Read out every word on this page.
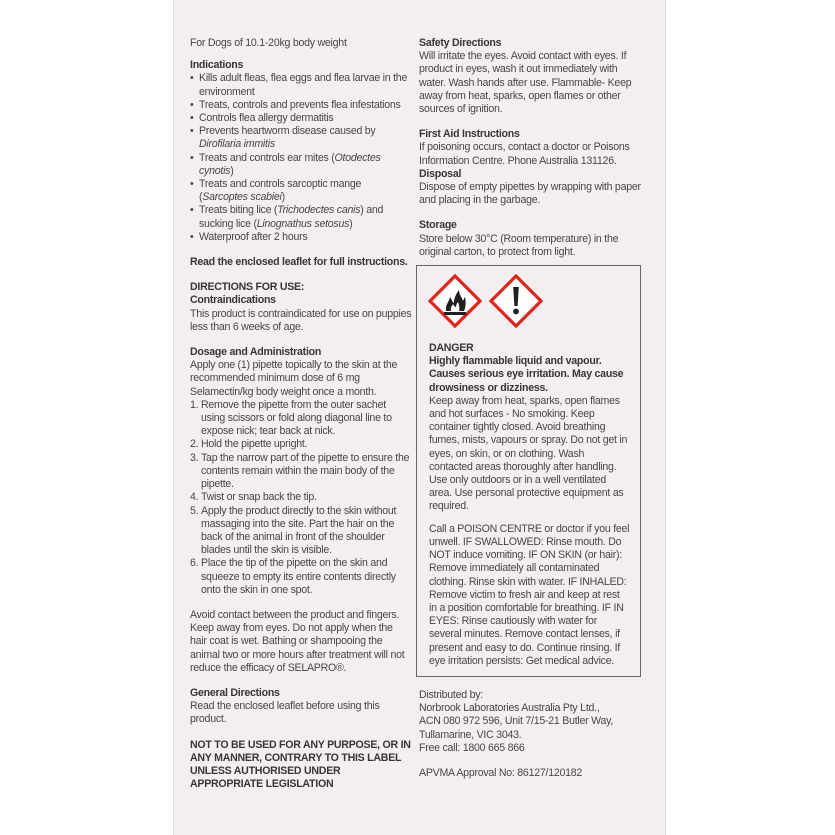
For Dogs of 10.1-20kg body weight

Indications

• Kills adult fleas, flea eggs and flea larvae in the environment
• Treats, controls and prevents flea infestations
• Controls flea allergy dermatitis
• Prevents heartworm disease caused by Dirofilaria immitis
• Treats and controls ear mites (Otodectes cynotis)
• Treats and controls sarcoptic mange (Sarcoptes scabiei)
• Treats biting lice (Trichodectes canis) and sucking lice (Linognathus setosus)
• Waterproof after 2 hours

Read the enclosed leaflet for full instructions.

DIRECTIONS FOR USE:

Contraindications

This product is contraindicated for use on puppies less than 6 weeks of age.

Dosage and Administration

Apply one (1) pipette topically to the skin at the recommended minimum dose of 6 mg Selamectin/kg body weight once a month.

1. Remove the pipette from the outer sachet using scissors or fold along diagonal line to expose nick; tear back at nick.
2. Hold the pipette upright.
3. Tap the narrow part of the pipette to ensure the contents remain within the main body of the pipette.
4. Twist or snap back the tip.
5. Apply the product directly to the skin without massaging into the site. Part the hair on the back of the animal in front of the shoulder blades until the skin is visible.
6. Place the tip of the pipette on the skin and squeeze to empty its entire contents directly onto the skin in one spot.

Avoid contact between the product and fingers. Keep away from eyes. Do not apply when the hair coat is wet. Bathing or shampooing the animal two or more hours after treatment will not reduce the efficacy of SELAPRO®.

General Directions

Read the enclosed leaflet before using this product.

NOT TO BE USED FOR ANY PURPOSE, OR IN ANY MANNER, CONTRARY TO THIS LABEL UNLESS AUTHORISED UNDER APPROPRIATE LEGISLATION

Safety Directions

Will irritate the eyes. Avoid contact with eyes. If product in eyes, wash it out immediately with water. Wash hands after use. Flammable- Keep away from heat, sparks, open flames or other sources of ignition.

First Aid Instructions

If poisoning occurs, contact a doctor or Poisons Information Centre. Phone Australia 131126.

Disposal

Dispose of empty pipettes by wrapping with paper and placing in the garbage.

Storage

Store below 30°C (Room temperature) in the original carton, to protect from light.

DANGER

Highly flammable liquid and vapour. Causes serious eye irritation. May cause drowsiness or dizziness.

Keep away from heat, sparks, open flames and hot surfaces - No smoking. Keep container tightly closed. Avoid breathing fumes, mists, vapours or spray. Do not get in eyes, on skin, or on clothing. Wash contacted areas thoroughly after handling. Use only outdoors or in a well ventilated area. Use personal protective equipment as required.

Call a POISON CENTRE or doctor if you feel unwell. IF SWALLOWED: Rinse mouth. Do NOT induce vomiting. IF ON SKIN (or hair): Remove immediately all contaminated clothing. Rinse skin with water. IF INHALED: Remove victim to fresh air and keep at rest in a position comfortable for breathing. IF IN EYES: Rinse cautiously with water for several minutes. Remove contact lenses, if present and easy to do. Continue rinsing. If eye irritation persists: Get medical advice.

Distributed by:

Norbrook Laboratories Australia Pty Ltd.,

ACN 080 972 596, Unit 7/15-21 Butler Way,

Tullamarine, VIC 3043.

Free call: 1800 665 866

APVMA Approval No: 86127/120182
